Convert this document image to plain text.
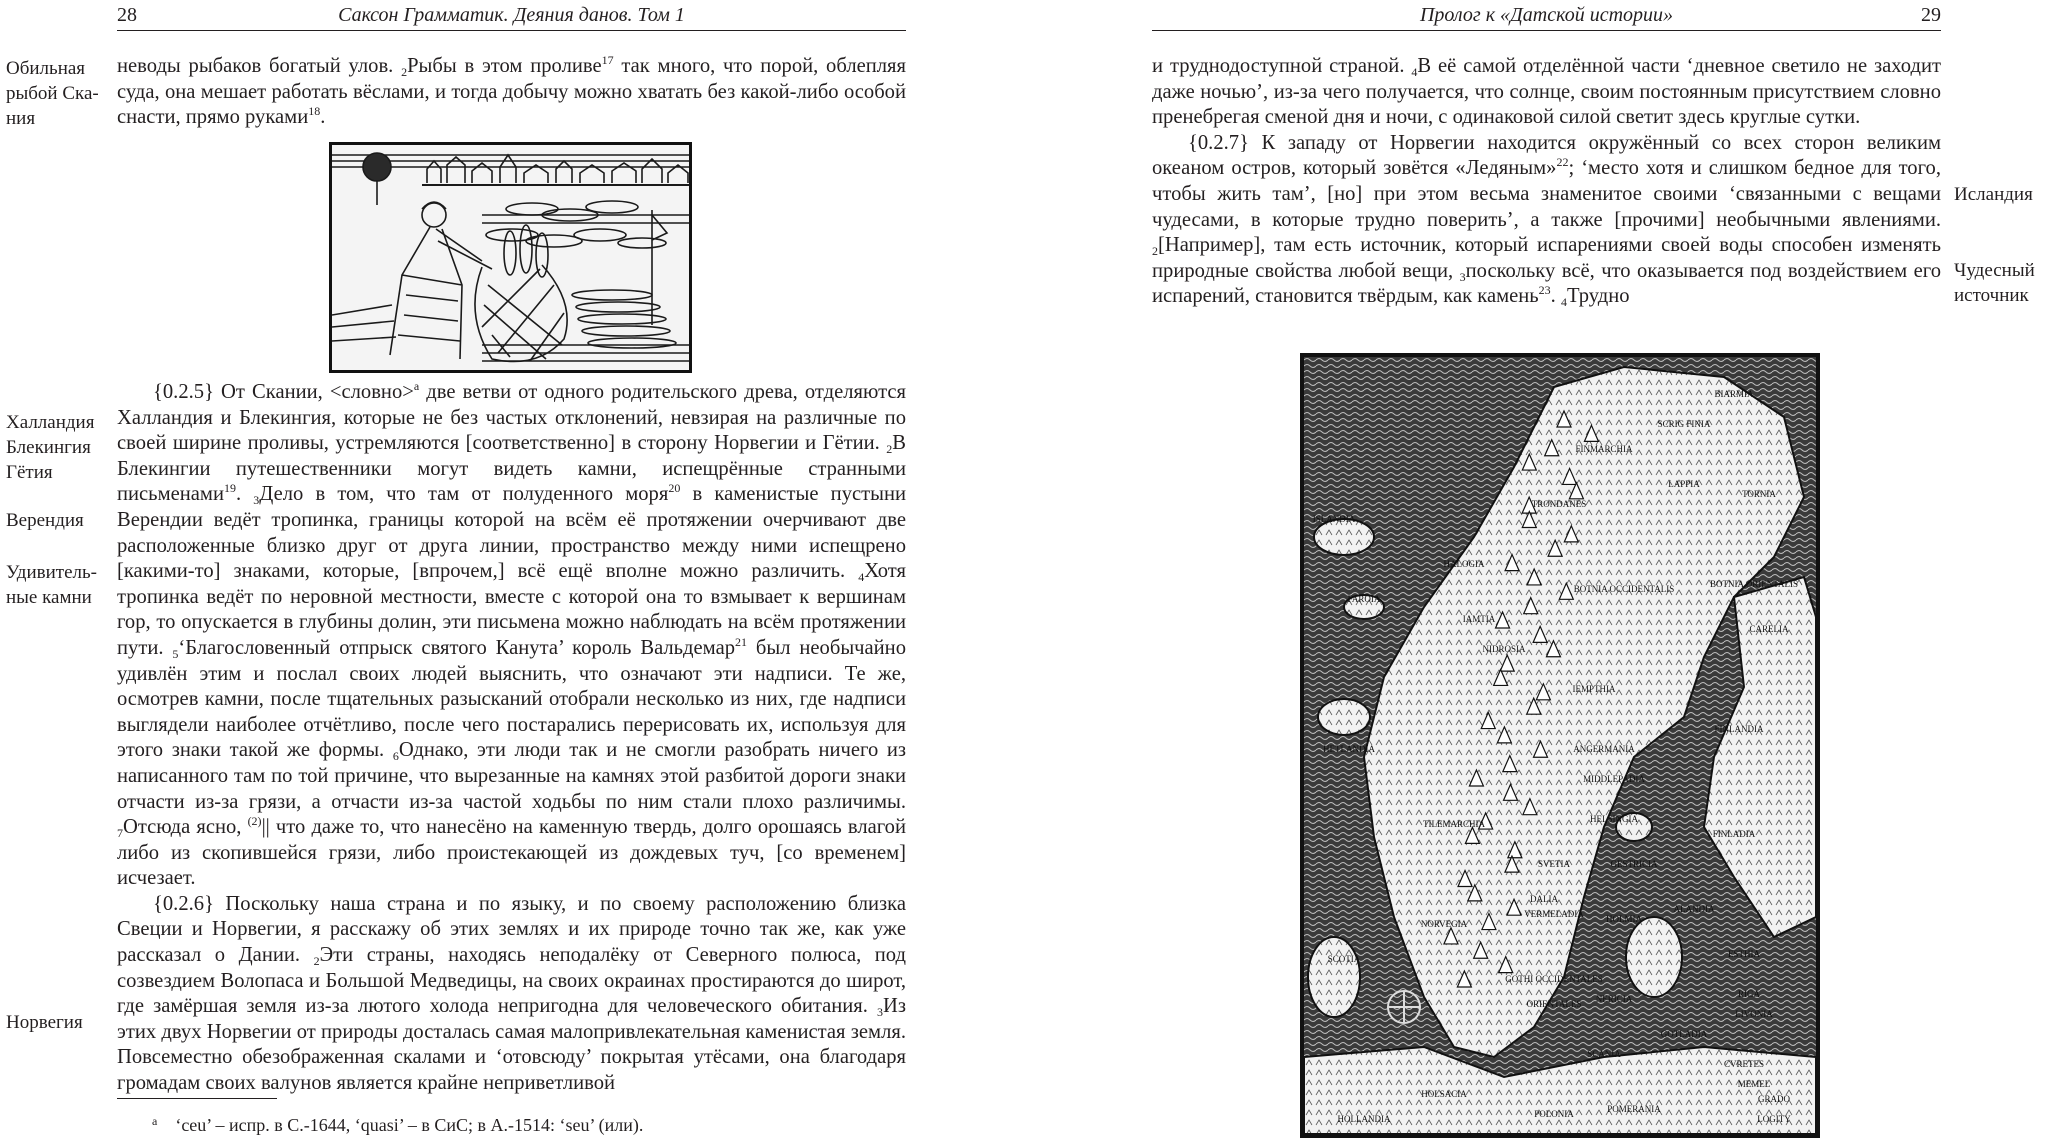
28	Саксон Грамматик. Деяния данов. Том 1
Обильная
рыбой Ска-
ния
Халландия
Блекингия
Гётия
Верендия
Удивитель-
ные камни
Норвегия

неводы рыбаков богатый улов. $_2$Рыбы в этом проливе$^{17}$ так много, что порой, облепляя суда, она мешает работать вёслами, и тогда добычу можно хватать без какой-либо особой снасти, прямо руками$^{18}$.

{0.2.5} От Скании, <словно>$^a$ две ветви от одного родительского древа, отделяются Халландия и Блекингия, которые не без частых отклонений, невзирая на различные по своей ширине проливы, устремляются [соответственно] в сторону Норвегии и Гётии. $_2$В Блекингии путешественники могут видеть камни, испещрённые странными письменами$^{19}$. $_3$Дело в том, что там от полуденного моря$^{20}$ в каменистые пустыни Верендии ведёт тропинка, границы которой на всём её протяжении очерчивают две расположенные близко друг от друга линии, пространство между ними испещрено [какими-то] знаками, которые, [впрочем,] всё ещё вполне можно различить. $_4$Хотя тропинка ведёт по неровной местности, вместе с которой она то взмывает к вершинам гор, то опускается в глубины долин, эти письмена можно наблюдать на всём протяжении пути. $_5$‘Благословенный отпрыск святого Канута’ король Вальдемар$^{21}$ был необычайно удивлён этим и послал своих людей выяснить, что означают эти надписи. Те же, осмотрев камни, после тщательных разысканий отобрали несколько из них, где надписи выглядели наиболее отчётливо, после чего постарались перерисовать их, используя для этого знаки такой же формы. $_6$Однако, эти люди так и не смогли разобрать ничего из написанного там по той причине, что вырезанные на камнях этой разбитой дороги знаки отчасти из-за грязи, а отчасти из-за частой ходьбы по ним стали плохо различимы. $_7$Отсюда ясно, $^{(2)}$|| что даже то, что нанесёно на каменную твердь, долго орошаясь влагой либо из скопившейся грязи, либо проистекающей из дождевых туч, [со временем] исчезает.

{0.2.6} Поскольку наша страна и по языку, и по своему расположению близка Свеции и Норвегии, я расскажу об этих землях и их природе точно так же, как уже рассказал о Дании. $_2$Эти страны, находясь неподалёку от Северного полюса, под созвездием Волопаса и Большой Медведицы, на своих окраинах простираются до широт, где замёршая земля из-за лютого холода непригодна для человеческого обитания. $_3$Из этих двух Норвегии от природы досталась самая малопривлекательная каменистая земля. Повсеместно обезображенная скалами и ‘отовсюду’ покрытая утёсами, она благодаря громадам своих валунов является крайне неприветливой

$^a$ ‘ceu’ – испр. в C.-1644, ‘quasi’ – в CиС; в A.-1514: ‘seu’ (или).
Пролог к «Датской истории»	29
Исландия
Чудесный
источник

и труднодоступной страной. $_4$В её самой отделённой части ‘дневное светило не заходит даже ночью’, из-за чего получается, что солнце, своим постоянным присутствием словно пренебрегая сменой дня и ночи, с одинаковой силой светит здесь круглые сутки.

{0.2.7} К западу от Норвегии находится окружённый со всех сторон великим океаном остров, который зовётся «Ледяным»$^{22}$; ‘место хотя и слишком бедное для того, чтобы жить там’, [но] при этом весьма знаменитое своими ‘связанными с вещами чудесами, в которые трудно поверить’, а также [прочими] необычными явлениями. $_2$[Например], там есть источник, который испарениями своей воды способен изменять природные свойства любой вещи, $_3$поскольку всё, что оказывается под воздействием его испарений, становится твёрдым, как камень$^{23}$. $_4$Трудно

FINMARCHIA
SCRIG FINIA
BIARMIA
LAPPIA
TORNIA
TRONDANES
HALOGIA
BOTNIA OCCIDENTALIS	BOTNIA ORIENTALIS
CARELIA
IAMTIA
NIDROSIA
IEMPTHIA
FINLANDIA
HETLANDIA	ANGERMANIA
MIDDLEPADIA
HELSINGIA
FINLADIA
TILEMARCHIA
SVETIA	GESTRICIA
DALIA
VERMELADIA
NORVEGIA	HOLMIA
ALANDIA
ESTHIA
GOTHI OCCIDENTALES
ORIENTALES NERICIA
SCOTIA
LIVONIA
RIGA
GOTLADIA
SCANIA
CVRETES
MEMEL
HOLSACIA
POLONIA	POMERANIA
GRADO
LOGITY
HOLLANDIA
ISLANDIA
FAROIA
